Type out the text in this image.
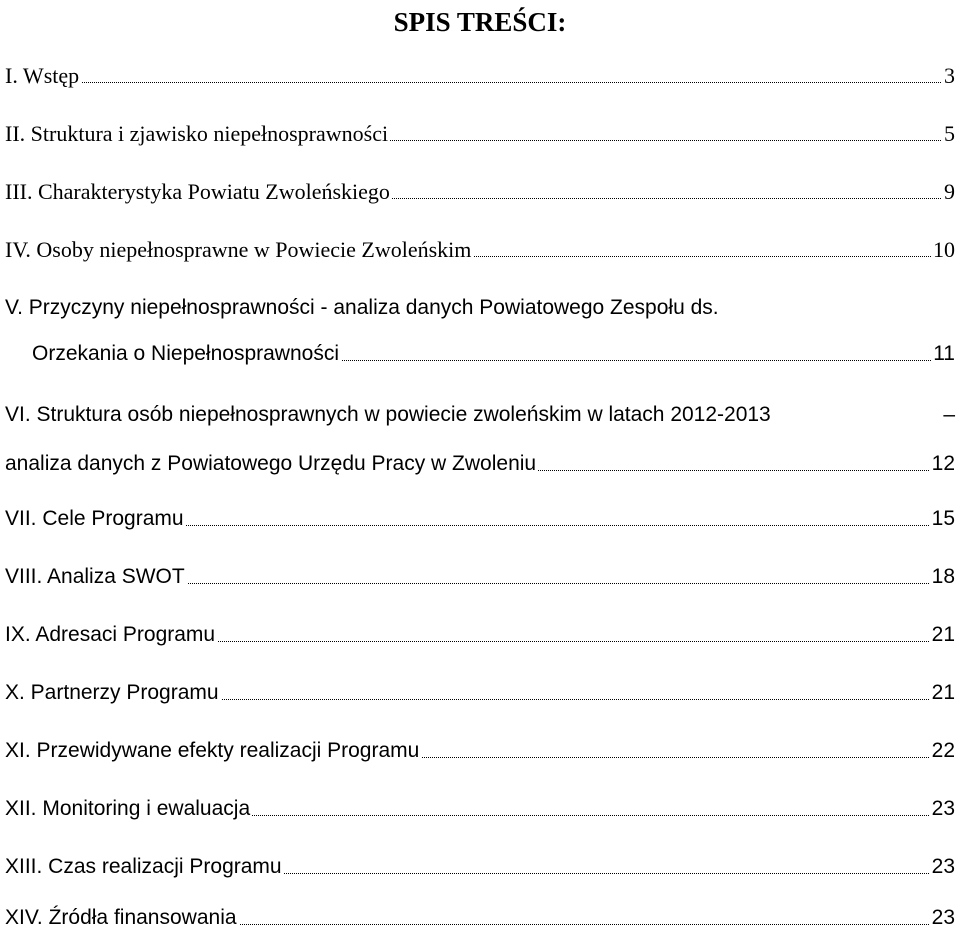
SPIS TREŚCI:
I. Wstęp	3
II. Struktura i zjawisko niepełnosprawności	5
III. Charakterystyka Powiatu Zwoleńskiego	9
IV. Osoby niepełnosprawne w Powiecie Zwoleńskim	10
V. Przyczyny niepełnosprawności - analiza danych Powiatowego Zespołu ds.
Orzekania o Niepełnosprawności	11
VI. Struktura osób niepełnosprawnych w powiecie zwoleńskim w latach 2012-2013	–
analiza danych z Powiatowego Urzędu Pracy w Zwoleniu	12
VII. Cele Programu	15
VIII. Analiza SWOT	18
IX. Adresaci Programu	21
X. Partnerzy Programu	21
XI. Przewidywane efekty realizacji Programu	22
XII. Monitoring i ewaluacja	23
XIII. Czas realizacji Programu	23
XIV. Źródła finansowania	23
